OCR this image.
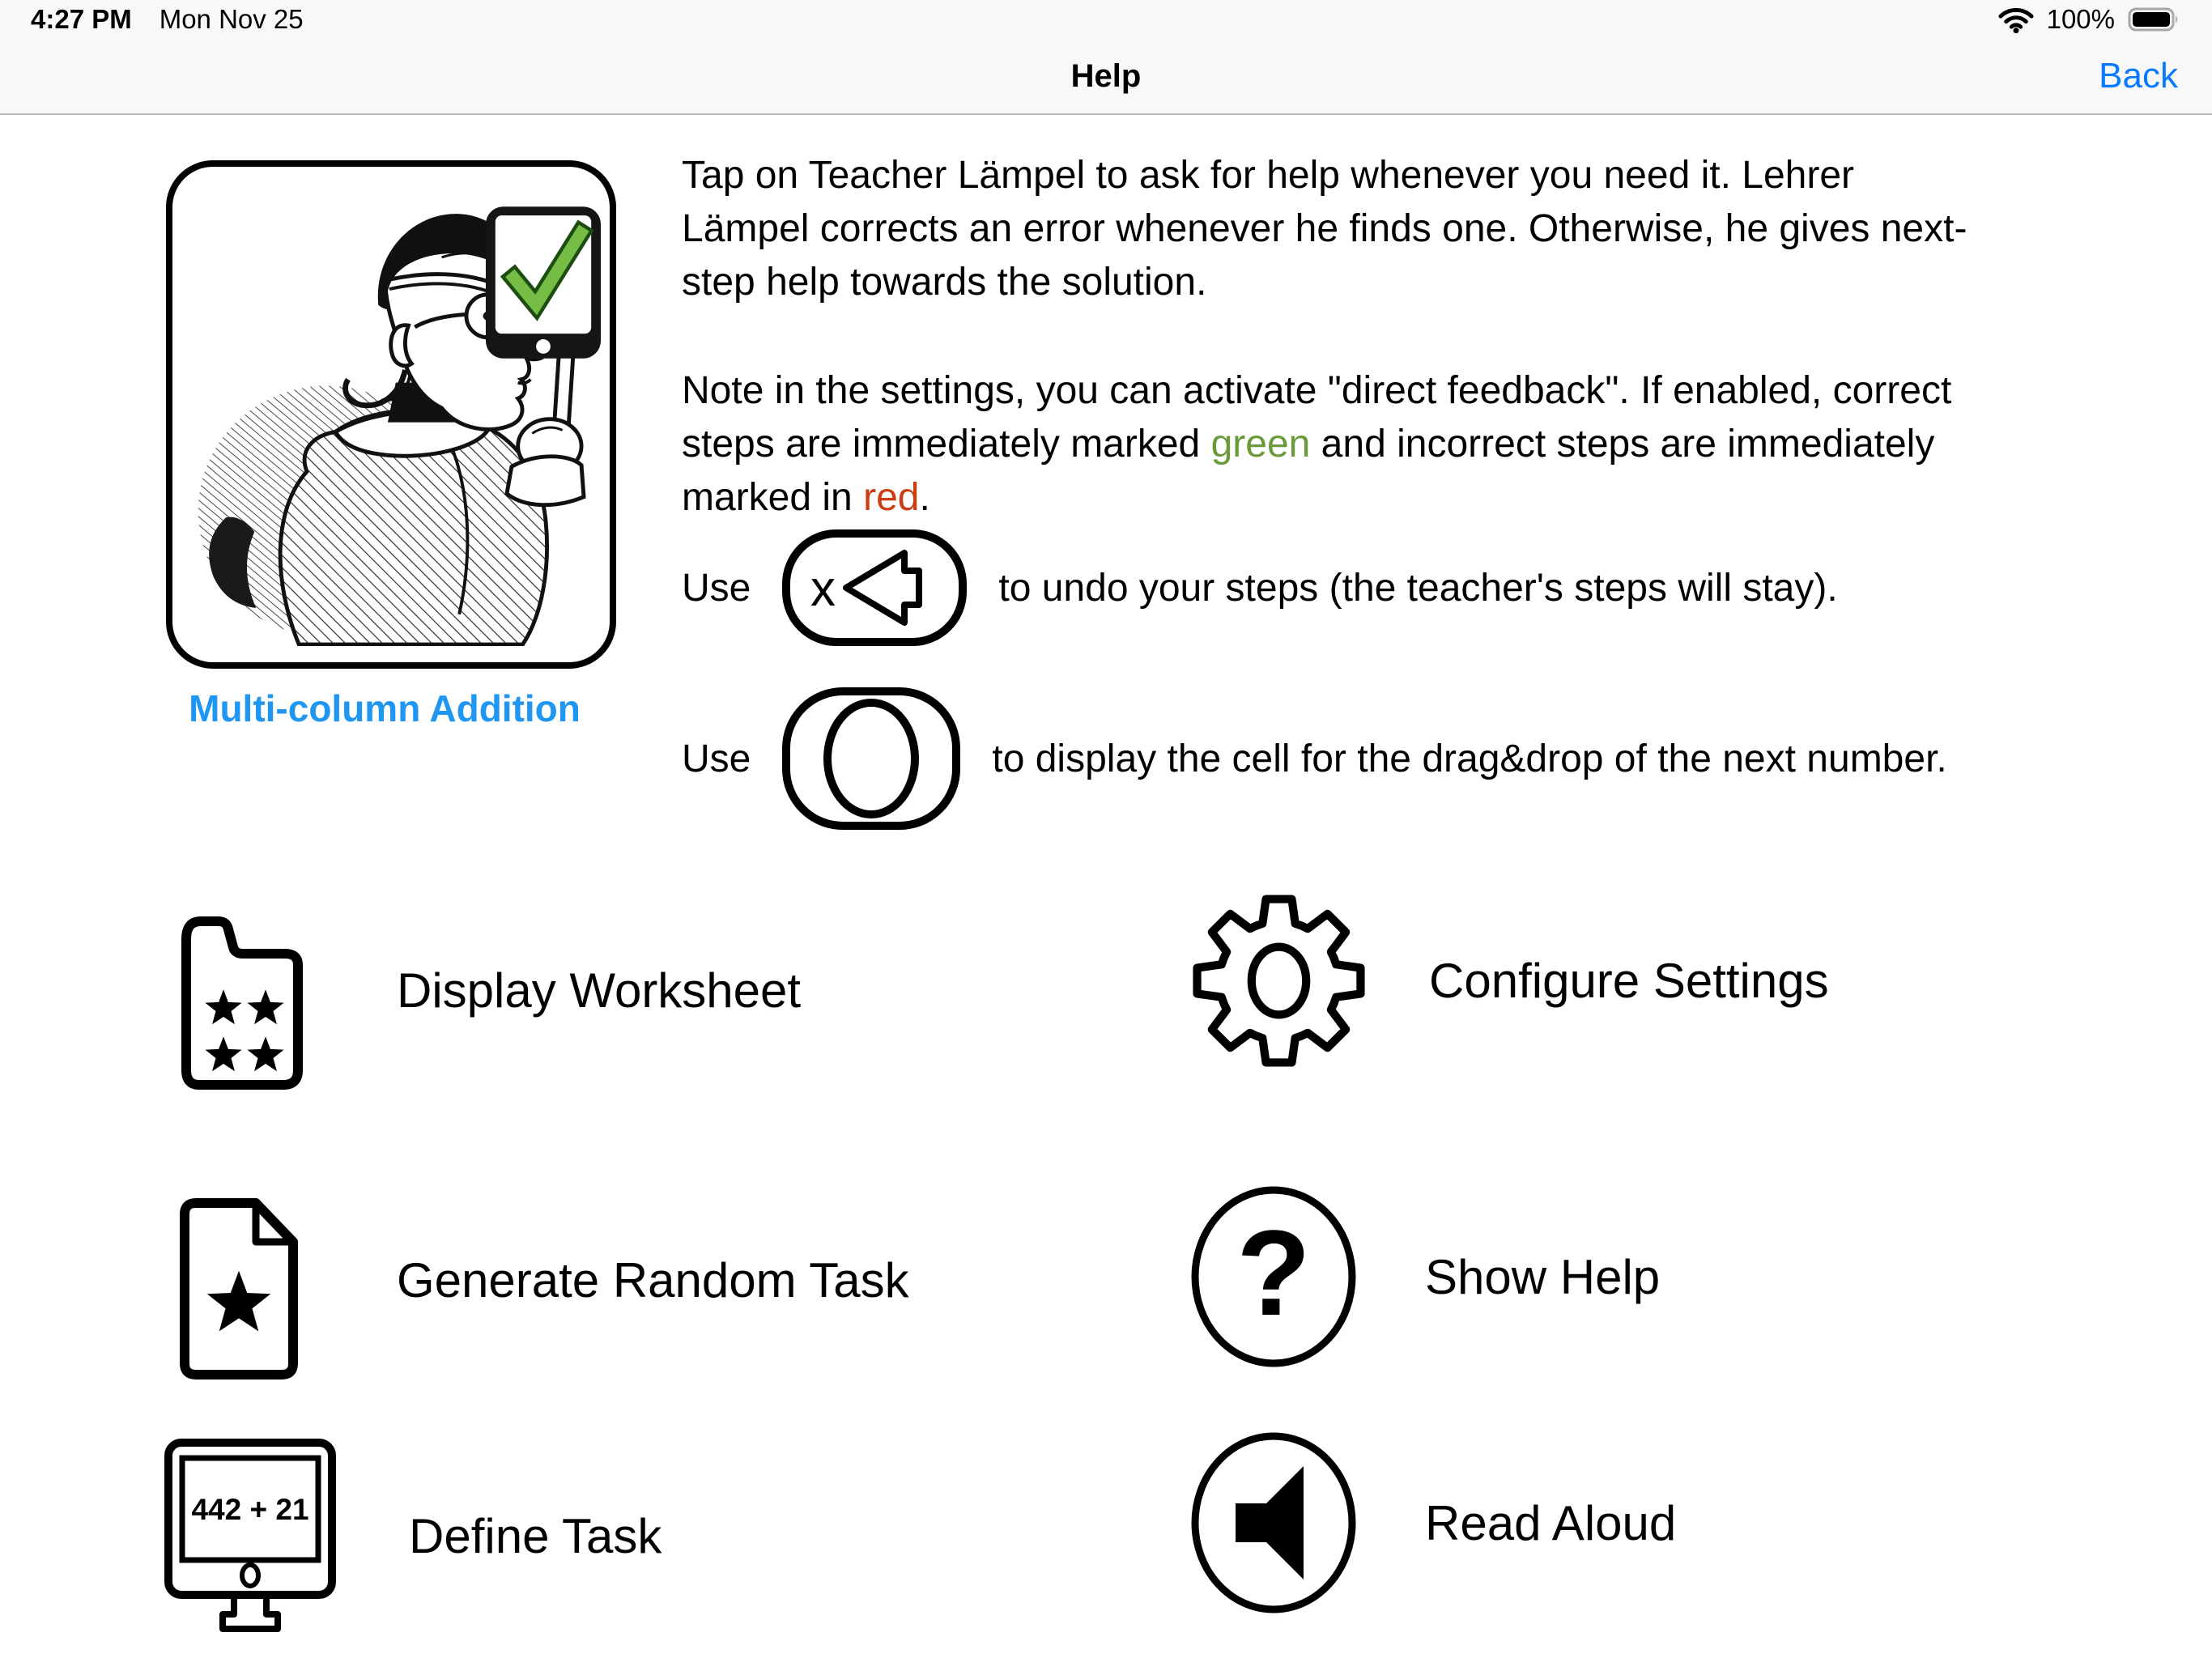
4:27 PM Mon Nov 25	100%
Help	Back
Multi-column Addition
Tap on Teacher Lämpel to ask for help whenever you need it. Lehrer
Lämpel corrects an error whenever he finds one. Otherwise, he gives next-
step help towards the solution.
Note in the settings, you can activate "direct feedback". If enabled, correct
steps are immediately marked green and incorrect steps are immediately
marked in red.
Use x	to undo your steps (the teacher's steps will stay).
Use	to display the cell for the drag&drop of the next number.
Display Worksheet	Configure Settings
Generate Random Task	? Show Help
442 + 21 Define Task	Read Aloud
